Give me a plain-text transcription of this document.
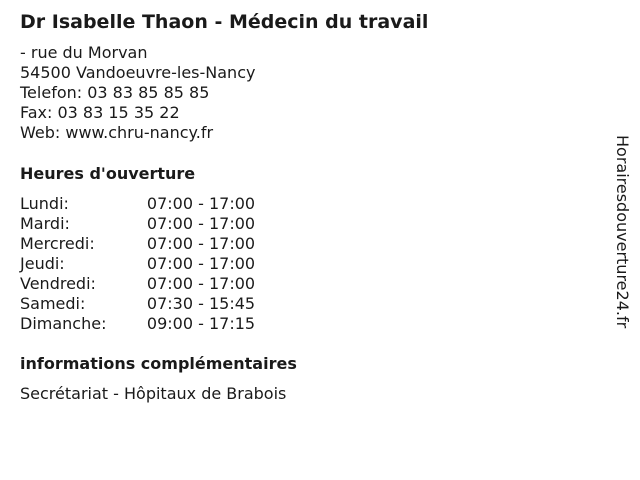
Dr Isabelle Thaon - Médecin du travail
- rue du Morvan
54500 Vandoeuvre-les-Nancy
Telefon: 03 83 85 85 85
Fax: 03 83 15 35 22
Web: www.chru-nancy.fr
Heures d'ouverture
Lundi:	07:00 - 17:00
Mardi:	07:00 - 17:00
Mercredi:	07:00 - 17:00
Jeudi:	07:00 - 17:00
Vendredi:	07:00 - 17:00
Samedi:	07:30 - 15:45
Dimanche:	09:00 - 17:15
informations complémentaires
Secrétariat - Hôpitaux de Brabois
Horairesdouverture24.fr
